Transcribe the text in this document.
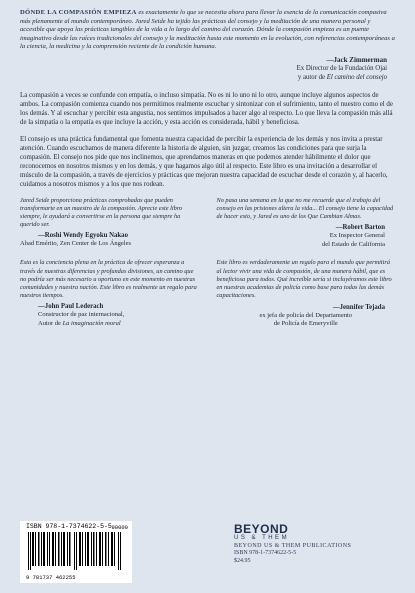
DÓNDE LA COMPASIÓN EMPIEZA es exactamente lo que se necesita ahora para llevar la esencia de la comunicación compasiva más plenamente al mundo contemporáneo. Jared Seide ha tejido las prácticas del consejo y la meditación de una manera personal y accesible que apoya las prácticas tangibles de la vida a lo largo del camino del corazón. Dónde la compasión empieza es un puente imaginativo desde las raíces tradicionales del consejo y la meditación hasta este momento en la evolución, con referencias contemporáneas a la ciencia, la medicina y la comprensión reciente de la condición humana.
—Jack Zimmerman
Ex Director de la Fundación Ojai
y autor de El camino del consejo
La compasión a veces se confunde con empatía, o incluso simpatía. No es ni lo uno ni lo otro, aunque incluye algunos aspectos de ambos. La compasión comienza cuando nos permitimos realmente escuchar y sintonizar con el sufrimiento, tanto el nuestro como el de los demás. Y al escuchar y percibir esta angustia, nos sentimos impulsados a hacer algo al respecto. Lo que lleva la compasión más allá de la simpatía o la empatía es que incluye la acción, y esta acción es considerada, hábil y beneficiosa.
El consejo es una práctica fundamental que fomenta nuestra capacidad de percibir la experiencia de los demás y nos invita a prestar atención. Cuando escuchamos de manera diferente la historia de alguien, sin juzgar, creamos las condiciones para que surja la compasión. El consejo nos pide que nos inclinemos, que aprendamos maneras en que podemos atender hábilmente el dolor que reconocemos en nosotros mismos y en los demás, y que hagamos algo útil al respecto. Este libro es una invitación a desarrollar el músculo de la compasión, a través de ejercicios y prácticas que mejoran nuestra capacidad de escuchar desde el corazón y, al hacerlo, cuidamos a nosotros mismos y a los que nos rodean.
Jared Seide proporciona prácticas comprobadas que pueden transformarte en un maestro de la compasión. Aprecie este libro siempre, le ayudará a convertirse en la persona que siempre ha querido ser.
—Roshi Wendy Egyoku Nakao
Abad Emérito, Zen Center de Los Ángeles
No pasa una semana en la que no me recuerde que el trabajo del consejo en las prisiones altera la vida... El consejo tiene la capacidad de hacer esto, y Jared es uno de los Que Cambian Almas.
—Robert Barton
Ex Inspector General
del Estado de California
Esta es la conciencia plena en la práctica de ofrecer esperanza a través de nuestras diferencias y profundas divisiones, un camino que no podría ser más necesario u oportuno en este momento en nuestras comunidades y nuestra nación. Este libro es realmente un regalo para nuestros tiempos.
—John Paul Lederach
Constructor de paz internacional,
Autor de La imaginación moral
Este libro es verdaderamente un regalo para el mundo que permitirá al lector vivir una vida de compasión, de una manera hábil, que es beneficiosa para todos. Qué increíble sería si incluyéramos este libro en nuestras academias de policía como base para todas las demás capacitaciones.
—Jennifer Tejada
ex jefa de policía del Departamento
de Policía de Emeryville
ISBN 978-1-7374622-5-5 90000
9 781737 462255
BEYOND
US & THEM
BEYOND US & THEM PUBLICATIONS
ISBN 978-1-7374622-5-5
$24.95
